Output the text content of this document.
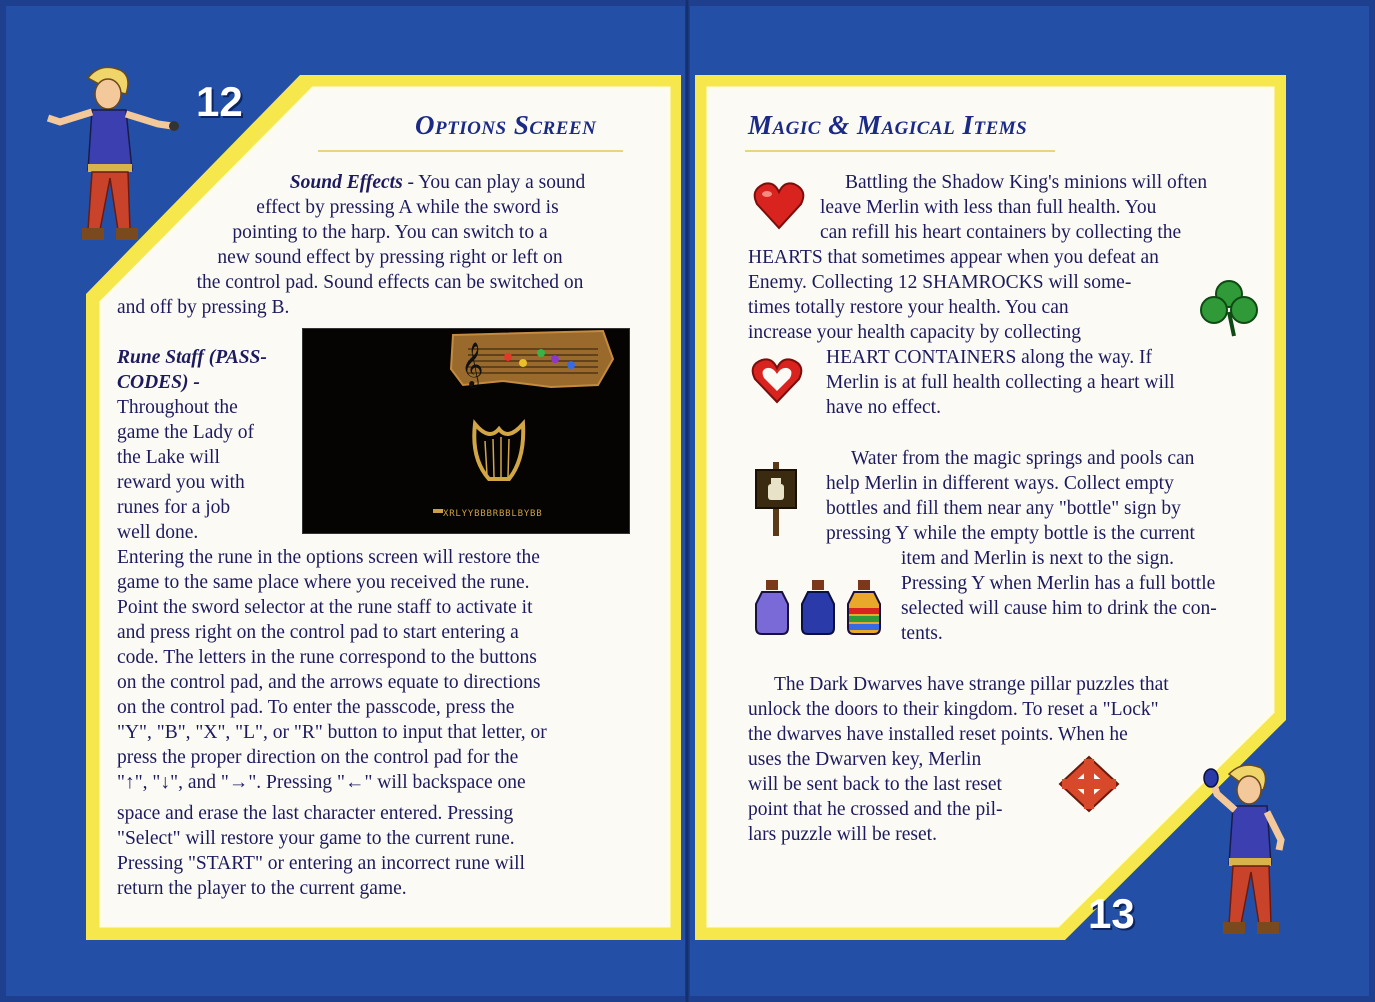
12	Options Screen
Sound Effects - You can play a sound
effect by pressing A while the sword is
pointing to the harp. You can switch to a
new sound effect by pressing right or left on
the control pad. Sound effects can be switched on
and off by pressing B.
Rune Staff (PASS-
CODES) -
Throughout the
game the Lady of
the Lake will
reward you with
runes for a job
well done.
𝄞
XRLYYBBBRBBLBYBB
Entering the rune in the options screen will restore the
game to the same place where you received the rune.
Point the sword selector at the rune staff to activate it
and press right on the control pad to start entering a
code. The letters in the rune correspond to the buttons
on the control pad, and the arrows equate to directions
on the control pad. To enter the passcode, press the
"Y", "B", "X", "L", or "R" button to input that letter, or
press the proper direction on the control pad for the
"↑", "↓", and "→". Pressing "←" will backspace one
space and erase the last character entered. Pressing
"Select" will restore your game to the current rune.
Pressing "START" or entering an incorrect rune will
return the player to the current game.
Magic & Magical Items
Battling the Shadow King's minions will often
leave Merlin with less than full health. You
can refill his heart containers by collecting the
HEARTS that sometimes appear when you defeat an
Enemy. Collecting 12 SHAMROCKS will some-
times totally restore your health. You can
increase your health capacity by collecting
HEART CONTAINERS along the way. If
Merlin is at full health collecting a heart will
have no effect.
Water from the magic springs and pools can
help Merlin in different ways. Collect empty
bottles and fill them near any "bottle" sign by
pressing Y while the empty bottle is the current
item and Merlin is next to the sign.
Pressing Y when Merlin has a full bottle
selected will cause him to drink the con-
tents.
The Dark Dwarves have strange pillar puzzles that
unlock the doors to their kingdom. To reset a "Lock"
the dwarves have installed reset points. When he
uses the Dwarven key, Merlin
will be sent back to the last reset
point that he crossed and the pil-
lars puzzle will be reset.
13
